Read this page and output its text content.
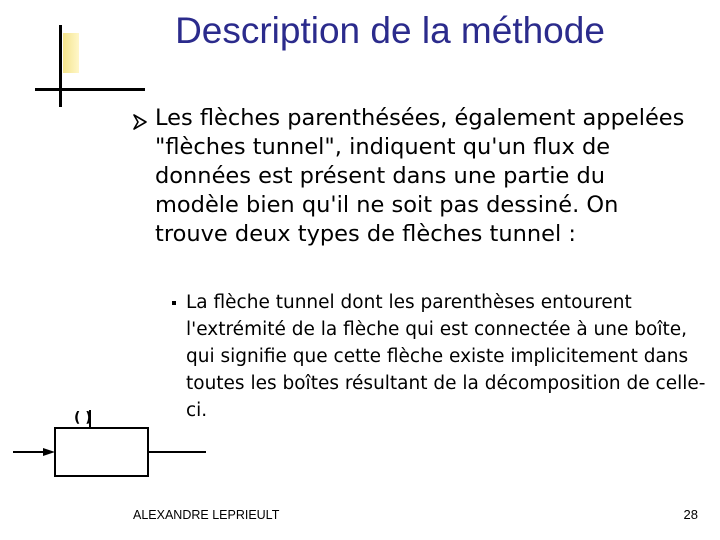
Description de la méthode

Les flèches parenthésées, également appelées "flèches tunnel", indiquent qu'un flux de données est présent dans une partie du modèle bien qu'il ne soit pas dessiné. On trouve deux types de flèches tunnel :

La flèche tunnel dont les parenthèses entourent l'extrémité de la flèche qui est connectée à une boîte, qui signifie que cette flèche existe implicitement dans toutes les boîtes résultant de la décomposition de celle-ci.

( )
ALEXANDRE LEPRIEULT	28
